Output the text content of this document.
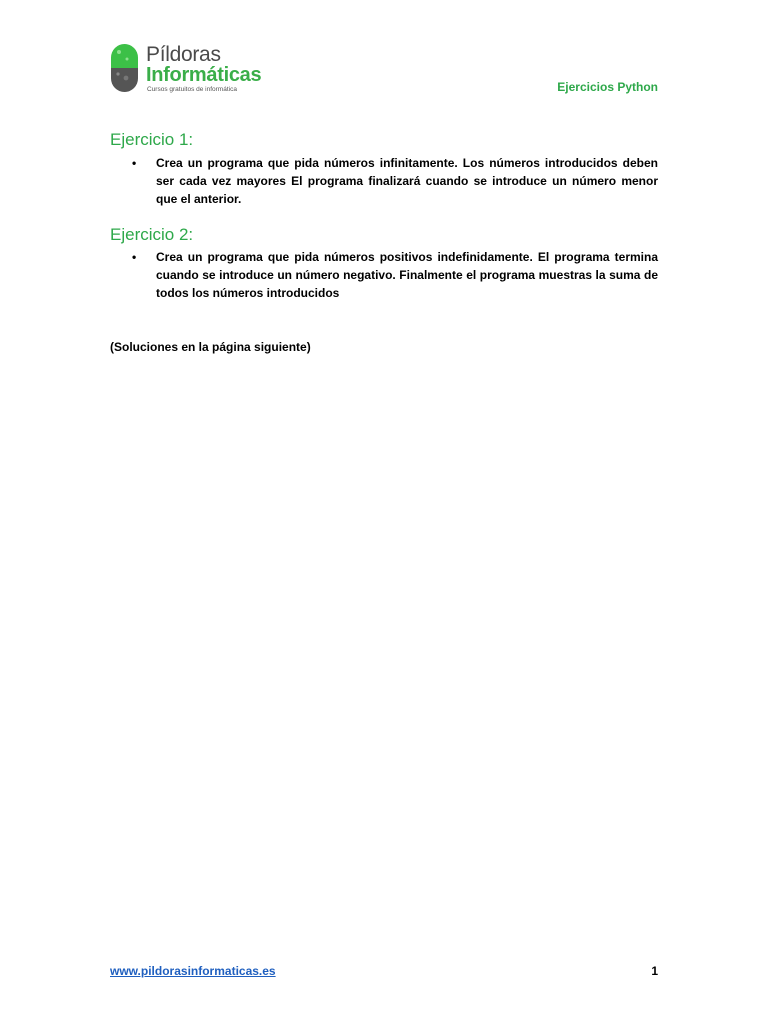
Píldoras
Informáticas
Cursos gratuitos de informática	Ejercicios Python
Ejercicio 1:
• Crea un programa que pida números infinitamente. Los números introducidos deben ser cada vez mayores El programa finalizará cuando se introduce un número menor que el anterior.
Ejercicio 2:
• Crea un programa que pida números positivos indefinidamente. El programa termina cuando se introduce un número negativo. Finalmente el programa muestras la suma de todos los números introducidos
(Soluciones en la página siguiente)
www.pildorasinformaticas.es	1
